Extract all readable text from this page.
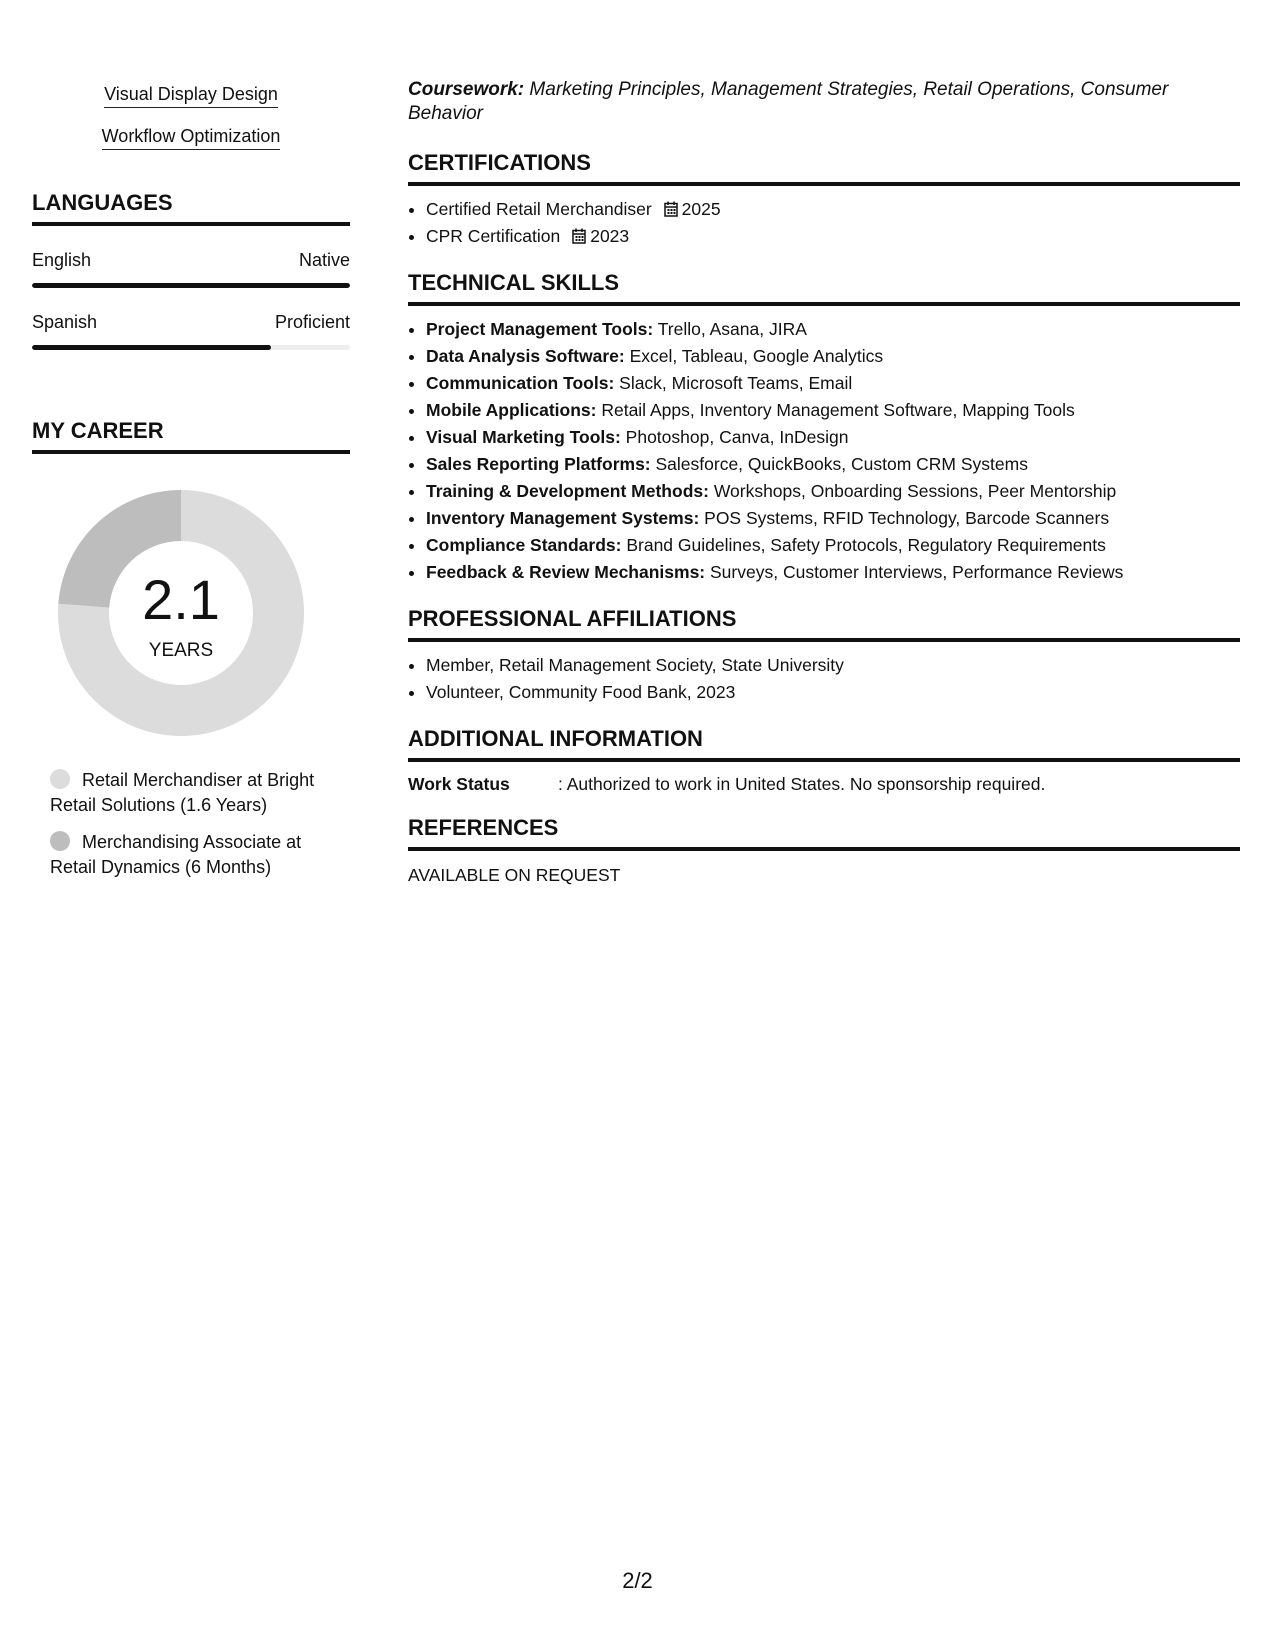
Visual Display Design
Workflow Optimization
LANGUAGES
English	Native
Spanish	Proficient
MY CAREER
2.1
YEARS
Retail Merchandiser at Bright Retail Solutions (1.6 Years)
Merchandising Associate at Retail Dynamics (6 Months)

Coursework: Marketing Principles, Management Strategies, Retail Operations, Consumer Behavior

CERTIFICATIONS
• Certified Retail Merchandiser 2025
• CPR Certification 2023
TECHNICAL SKILLS
• Project Management Tools: Trello, Asana, JIRA
• Data Analysis Software: Excel, Tableau, Google Analytics
• Communication Tools: Slack, Microsoft Teams, Email
• Mobile Applications: Retail Apps, Inventory Management Software, Mapping Tools
• Visual Marketing Tools: Photoshop, Canva, InDesign
• Sales Reporting Platforms: Salesforce, QuickBooks, Custom CRM Systems
• Training & Development Methods: Workshops, Onboarding Sessions, Peer Mentorship
• Inventory Management Systems: POS Systems, RFID Technology, Barcode Scanners
• Compliance Standards: Brand Guidelines, Safety Protocols, Regulatory Requirements
• Feedback & Review Mechanisms: Surveys, Customer Interviews, Performance Reviews
PROFESSIONAL AFFILIATIONS
• Member, Retail Management Society, State University
• Volunteer, Community Food Bank, 2023
ADDITIONAL INFORMATION
Work Status	: Authorized to work in United States. No sponsorship required.
REFERENCES
AVAILABLE ON REQUEST
2/2
